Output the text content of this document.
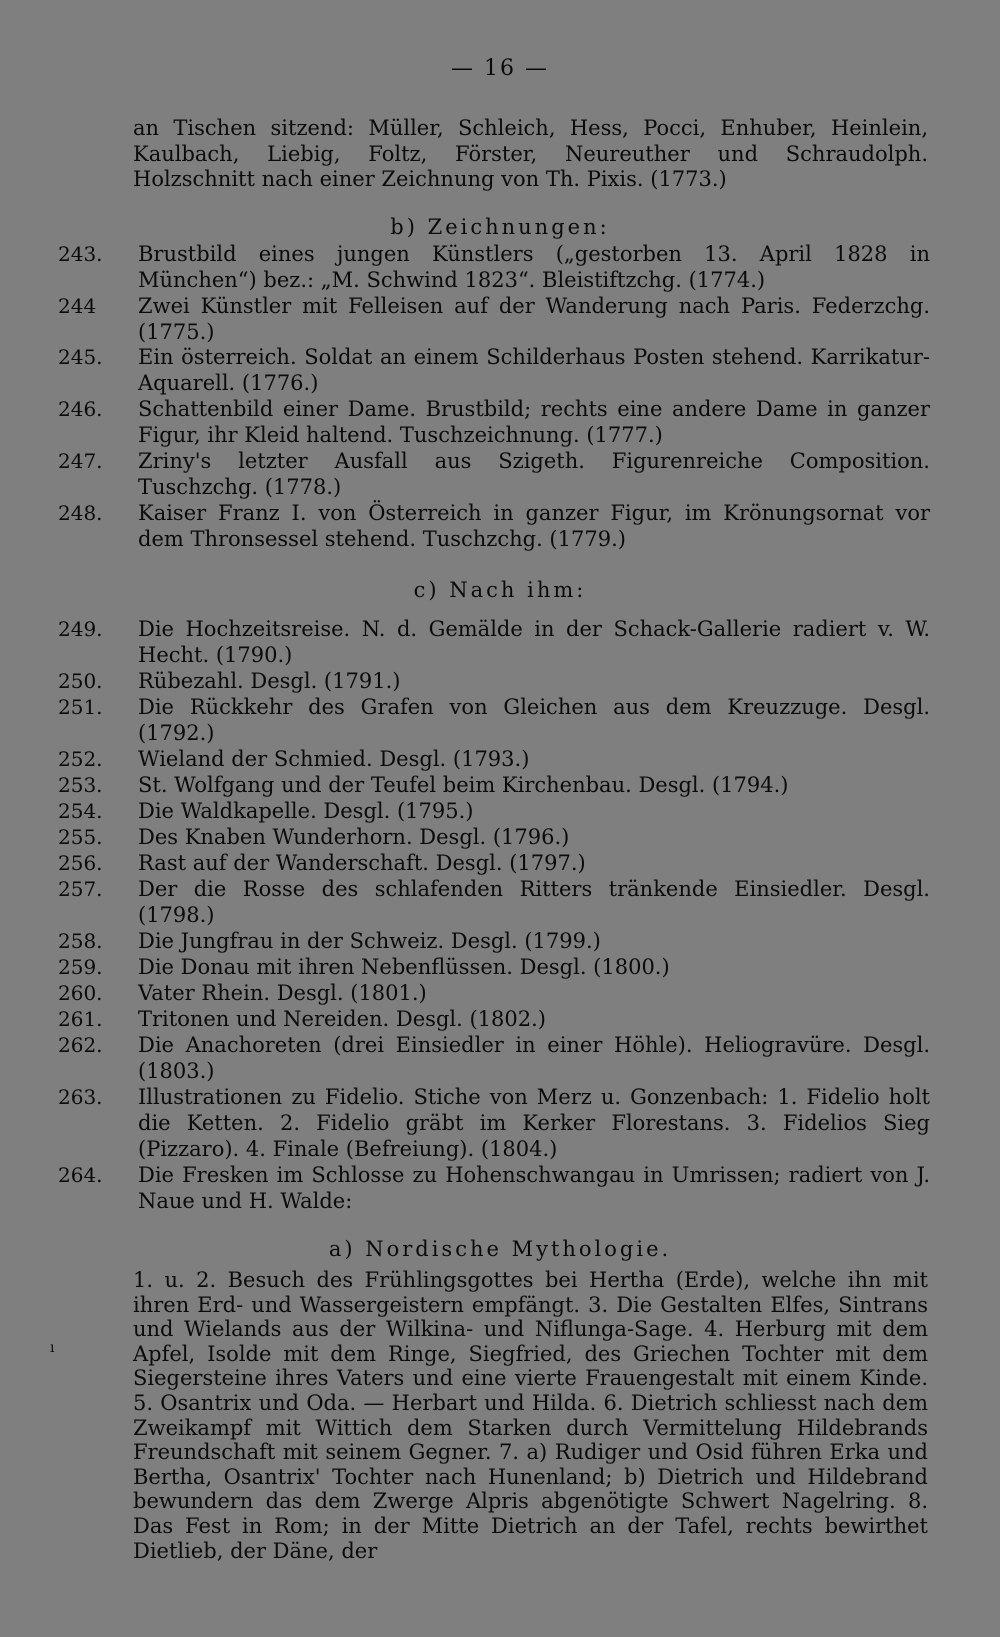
— 16 —
an Tischen sitzend: Müller, Schleich, Hess, Pocci, Enhuber, Heinlein, Kaulbach, Liebig, Foltz, Förster, Neureuther und Schraudolph. Holzschnitt nach einer Zeichnung von Th. Pixis. (1773.)
b) Zeichnungen:
243.	Brustbild eines jungen Künstlers („gestorben 13. April 1828 in München“) bez.: „M. Schwind 1823“. Bleistiftzchg. (1774.)
244	Zwei Künstler mit Felleisen auf der Wanderung nach Paris. Federzchg. (1775.)
245.	Ein österreich. Soldat an einem Schilderhaus Posten stehend. Karrikatur-Aquarell. (1776.)
246.	Schattenbild einer Dame. Brustbild; rechts eine andere Dame in ganzer Figur, ihr Kleid haltend. Tuschzeichnung. (1777.)
247.	Zriny's letzter Ausfall aus Szigeth. Figurenreiche Composition. Tuschzchg. (1778.)
248.	Kaiser Franz I. von Österreich in ganzer Figur, im Krönungsornat vor dem Thronsessel stehend. Tuschzchg. (1779.)
c) Nach ihm:
249.	Die Hochzeitsreise. N. d. Gemälde in der Schack-Gallerie radiert v. W. Hecht. (1790.)
250.	Rübezahl. Desgl. (1791.)
251.	Die Rückkehr des Grafen von Gleichen aus dem Kreuzzuge. Desgl. (1792.)
252.	Wieland der Schmied. Desgl. (1793.)
253.	St. Wolfgang und der Teufel beim Kirchenbau. Desgl. (1794.)
254.	Die Waldkapelle. Desgl. (1795.)
255.	Des Knaben Wunderhorn. Desgl. (1796.)
256.	Rast auf der Wanderschaft. Desgl. (1797.)
257.	Der die Rosse des schlafenden Ritters tränkende Einsiedler. Desgl. (1798.)
258.	Die Jungfrau in der Schweiz. Desgl. (1799.)
259.	Die Donau mit ihren Nebenflüssen. Desgl. (1800.)
260.	Vater Rhein. Desgl. (1801.)
261.	Tritonen und Nereiden. Desgl. (1802.)
262.	Die Anachoreten (drei Einsiedler in einer Höhle). Heliogravüre. Desgl. (1803.)
263.	Illustrationen zu Fidelio. Stiche von Merz u. Gonzenbach: 1. Fidelio holt die Ketten. 2. Fidelio gräbt im Kerker Florestans. 3. Fidelios Sieg (Pizzaro). 4. Finale (Befreiung). (1804.)
264.	Die Fresken im Schlosse zu Hohenschwangau in Umrissen; radiert von J. Naue und H. Walde:
a) Nordische Mythologie.
1. u. 2. Besuch des Frühlingsgottes bei Hertha (Erde), welche ihn mit ihren Erd- und Wassergeistern empfängt. 3. Die Gestalten Elfes, Sintrans und Wielands aus der Wilkina- und Niflunga-Sage. 4. Herburg mit dem Apfel, Isolde mit dem Ringe, Siegfried, des Griechen Tochter mit dem Siegersteine ihres Vaters und eine vierte Frauengestalt mit einem Kinde. 5. Osantrix und Oda. — Herbart und Hilda. 6. Dietrich schliesst nach dem Zweikampf mit Wittich dem Starken durch Vermittelung Hildebrands Freundschaft mit seinem Gegner. 7. a) Rudiger und Osid führen Erka und Bertha, Osantrix' Tochter nach Hunenland; b) Dietrich und Hildebrand bewundern das dem Zwerge Alpris abgenötigte Schwert Nagelring. 8. Das Fest in Rom; in der Mitte Dietrich an der Tafel, rechts bewirthet Dietlieb, der Däne, der
ı
